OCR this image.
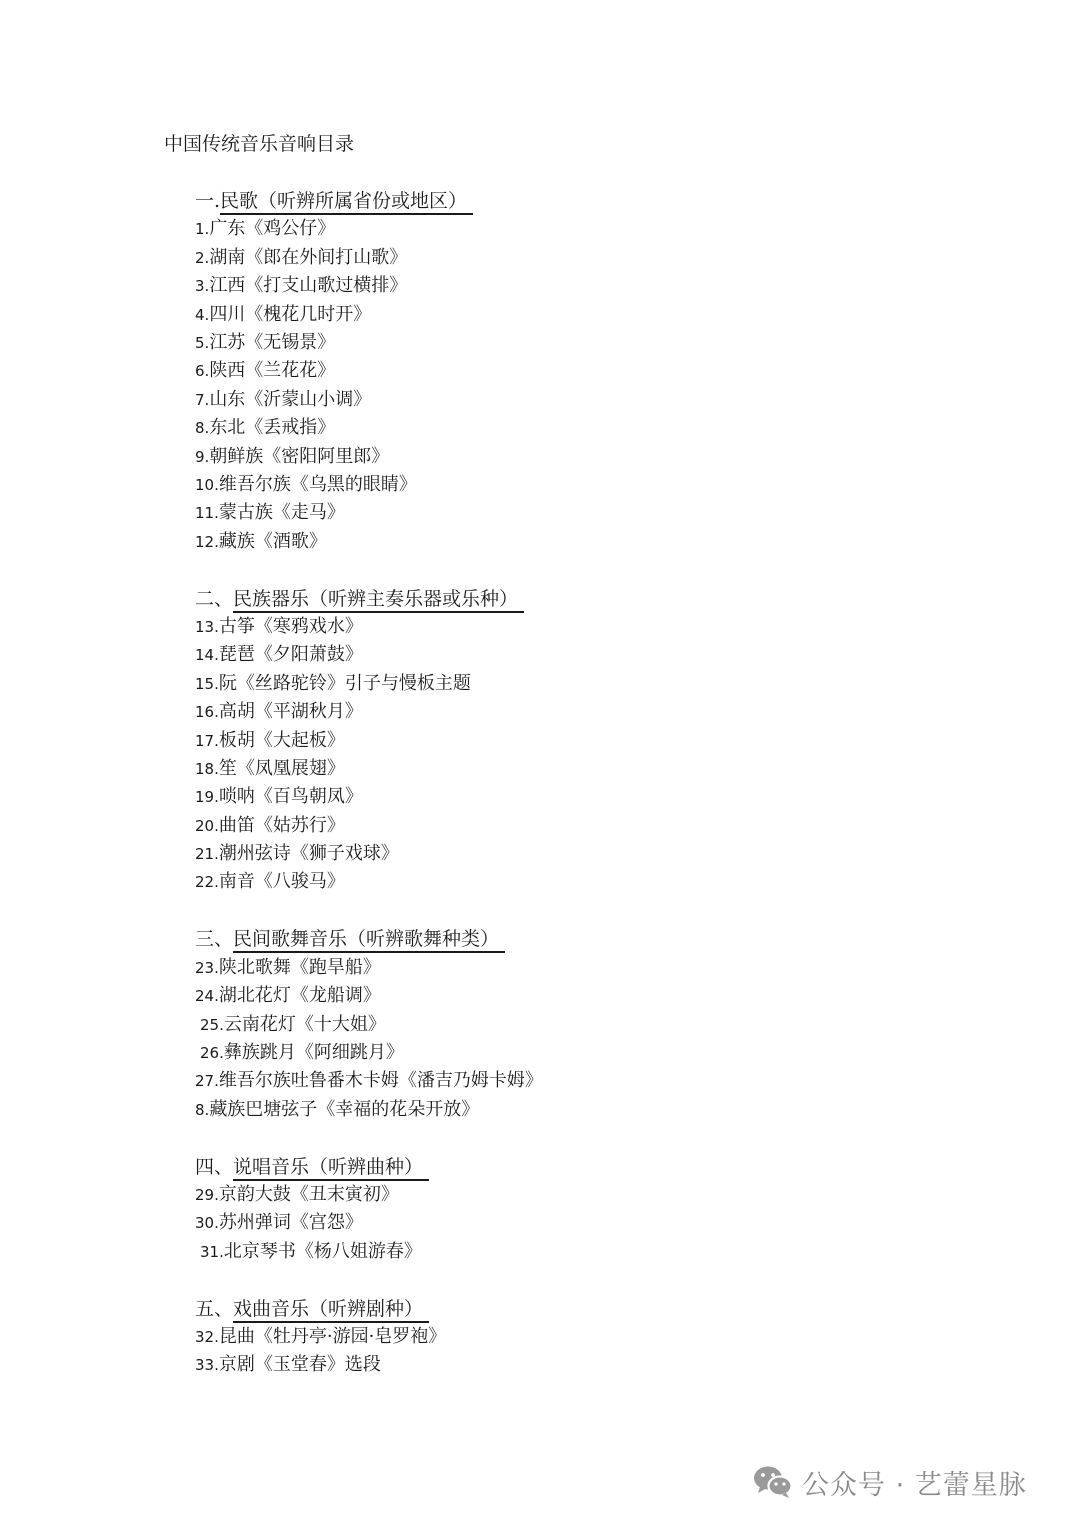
中国传统音乐音响目录
一.民歌（听辨所属省份或地区）
1.广东《鸡公仔》
2.湖南《郎在外间打山歌》
3.江西《打支山歌过横排》
4.四川《槐花几时开》
5.江苏《无锡景》
6.陕西《兰花花》
7.山东《沂蒙山小调》
8.东北《丢戒指》
9.朝鲜族《密阳阿里郎》
10.维吾尔族《乌黑的眼睛》
11.蒙古族《走马》
12.藏族《酒歌》
二、民族器乐（听辨主奏乐器或乐种）
13.古筝《寒鸦戏水》
14.琵琶《夕阳萧鼓》
15.阮《丝路驼铃》引子与慢板主题
16.高胡《平湖秋月》
17.板胡《大起板》
18.笙《凤凰展翅》
19.唢呐《百鸟朝凤》
20.曲笛《姑苏行》
21.潮州弦诗《狮子戏球》
22.南音《八骏马》
三、民间歌舞音乐（听辨歌舞种类）
23.陕北歌舞《跑旱船》
24.湖北花灯《龙船调》
25.云南花灯《十大姐》
26.彝族跳月《阿细跳月》
27.维吾尔族吐鲁番木卡姆《潘吉乃姆卡姆》
8.藏族巴塘弦子《幸福的花朵开放》
四、说唱音乐（听辨曲种）
29.京韵大鼓《丑末寅初》
30.苏州弹词《宫怨》
31.北京琴书《杨八姐游春》
五、戏曲音乐（听辨剧种）
32.昆曲《牡丹亭·游园·皂罗袍》
33.京剧《玉堂春》选段
公众号 · 艺蕾星脉
